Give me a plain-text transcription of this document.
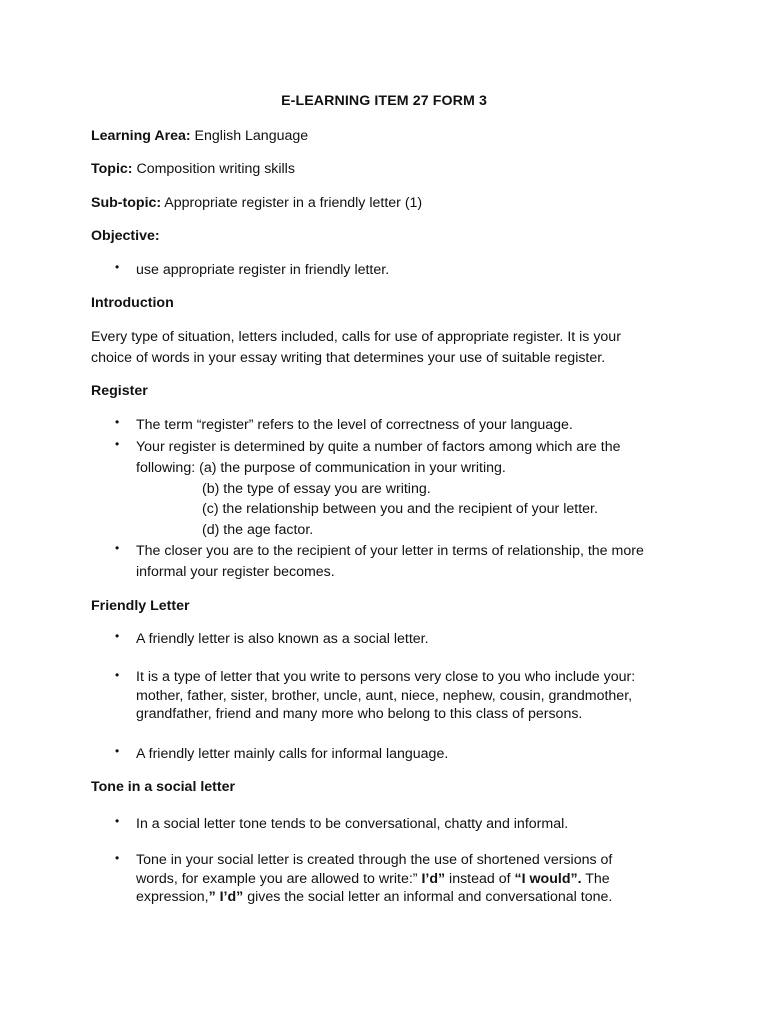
E-LEARNING ITEM 27 FORM 3
Learning Area: English Language
Topic: Composition writing skills
Sub-topic: Appropriate register in a friendly letter (1)
Objective:
• use appropriate register in friendly letter.
Introduction
Every type of situation, letters included, calls for use of appropriate register. It is your
choice of words in your essay writing that determines your use of suitable register.
Register
• The term “register” refers to the level of correctness of your language.
• Your register is determined by quite a number of factors among which are the
following: (a) the purpose of communication in your writing.
(b) the type of essay you are writing.
(c) the relationship between you and the recipient of your letter.
(d) the age factor.
• The closer you are to the recipient of your letter in terms of relationship, the more
informal your register becomes.
Friendly Letter
• A friendly letter is also known as a social letter.
• It is a type of letter that you write to persons very close to you who include your:
mother, father, sister, brother, uncle, aunt, niece, nephew, cousin, grandmother,
grandfather, friend and many more who belong to this class of persons.
• A friendly letter mainly calls for informal language.
Tone in a social letter
• In a social letter tone tends to be conversational, chatty and informal.
• Tone in your social letter is created through the use of shortened versions of
words, for example you are allowed to write:” I’d” instead of “I would”. The
expression,” I’d” gives the social letter an informal and conversational tone.
